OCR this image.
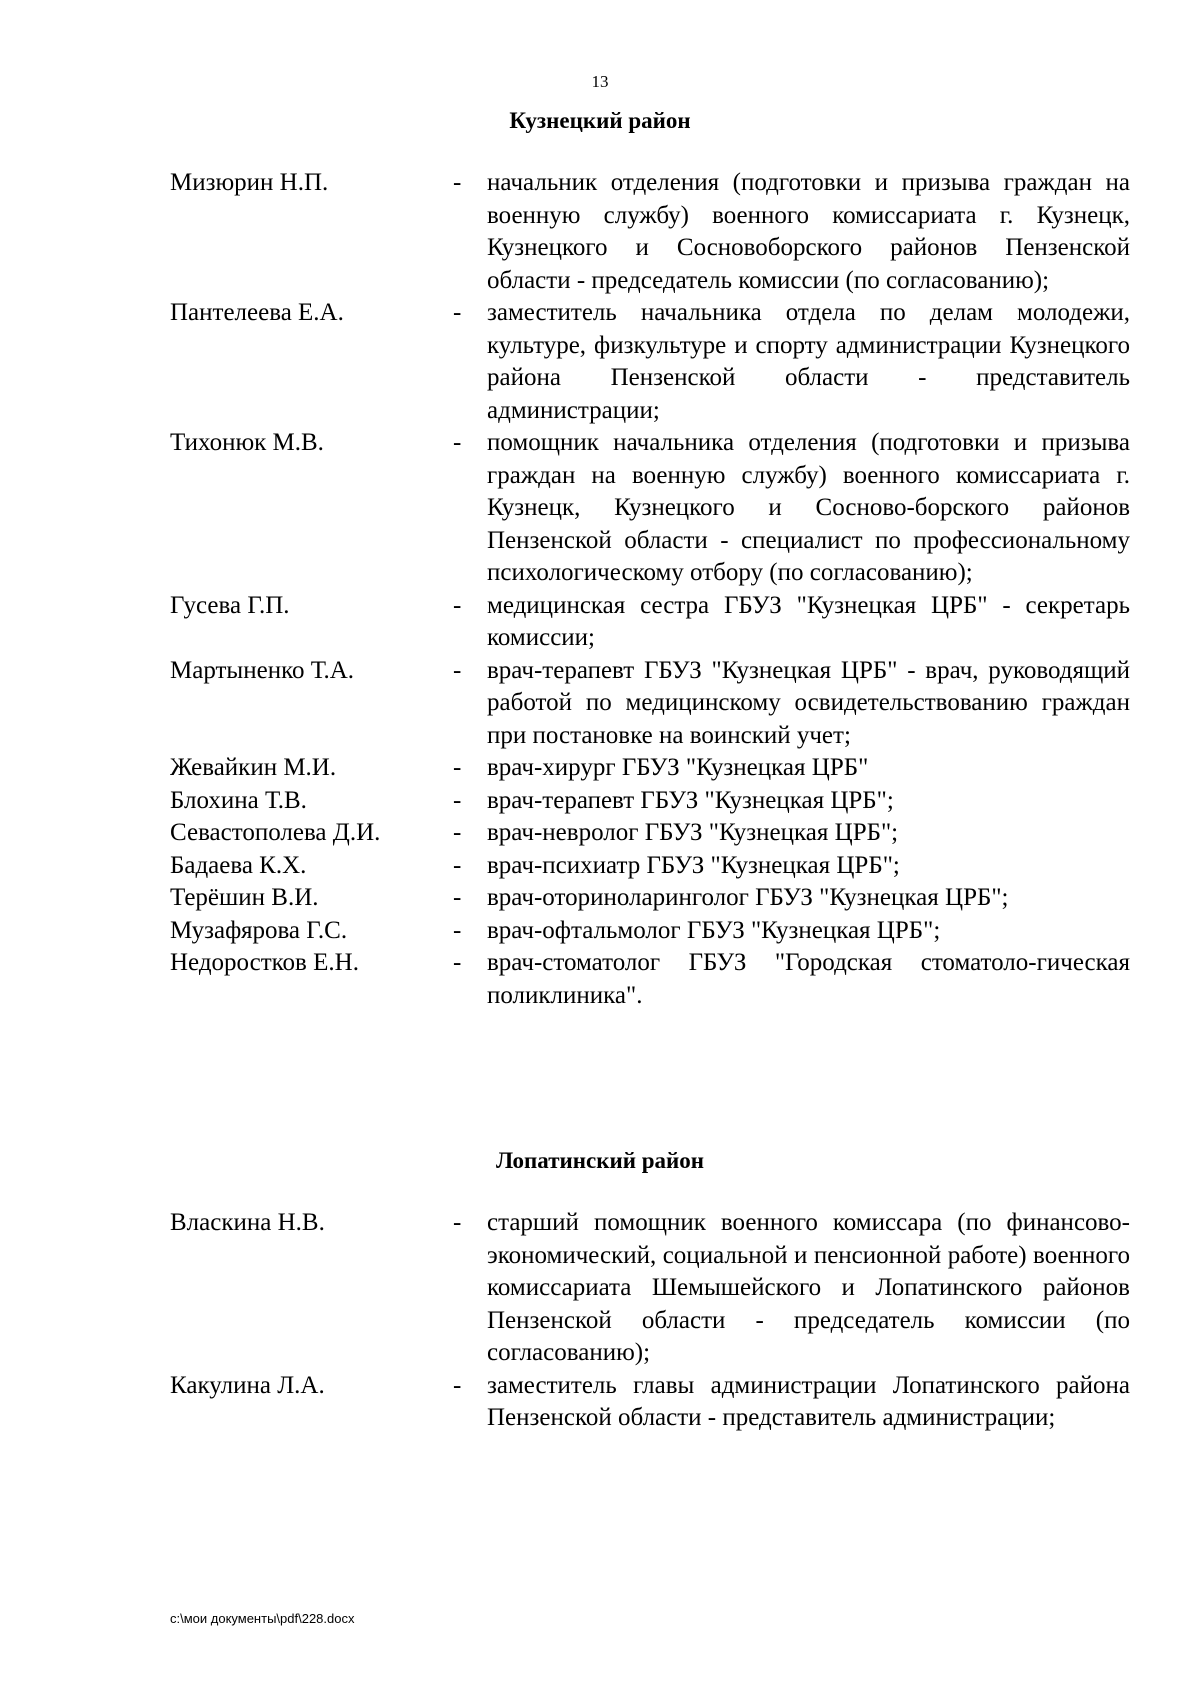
13
Кузнецкий район
Мизюрин Н.П.	-	начальник отделения (подготовки и призыва граждан на военную службу) военного комиссариата г. Кузнецк, Кузнецкого и Сосновоборского районов Пензенской области - председатель комиссии (по согласованию);
Пантелеева Е.А.	-	заместитель начальника отдела по делам молодежи, культуре, физкультуре и спорту администрации Кузнецкого района Пензенской области - представитель администрации;
Тихонюк М.В.	-	помощник начальника отделения (подготовки и призыва граждан на военную службу) военного комиссариата г. Кузнецк, Кузнецкого и Сосново-борского районов Пензенской области - специалист по профессиональному психологическому отбору (по согласованию);
Гусева Г.П.	-	медицинская сестра ГБУЗ "Кузнецкая ЦРБ" - секретарь комиссии;
Мартыненко Т.А.	-	врач-терапевт ГБУЗ "Кузнецкая ЦРБ" - врач, руководящий работой по медицинскому освидетельствованию граждан при постановке на воинский учет;
Жевайкин М.И.	-	врач-хирург ГБУЗ "Кузнецкая ЦРБ"
Блохина Т.В.	-	врач-терапевт ГБУЗ "Кузнецкая ЦРБ";
Севастополева Д.И.	-	врач-невролог ГБУЗ "Кузнецкая ЦРБ";
Бадаева К.Х.	-	врач-психиатр ГБУЗ "Кузнецкая ЦРБ";
Терёшин В.И.	-	врач-оториноларинголог ГБУЗ "Кузнецкая ЦРБ";
Музафярова Г.С.	-	врач-офтальмолог ГБУЗ "Кузнецкая ЦРБ";
Недоростков Е.Н.	-	врач-стоматолог ГБУЗ "Городская стоматоло-гическая поликлиника".
Лопатинский район
Власкина Н.В.	-	старший помощник военного комиссара (по финансово-экономический, социальной и пенсионной работе) военного комиссариата Шемышейского и Лопатинского районов Пензенской области - председатель комиссии (по согласованию);
Какулина Л.А.	-	заместитель главы администрации Лопатинского района Пензенской области - представитель администрации;
c:\мои документы\pdf\228.docx
